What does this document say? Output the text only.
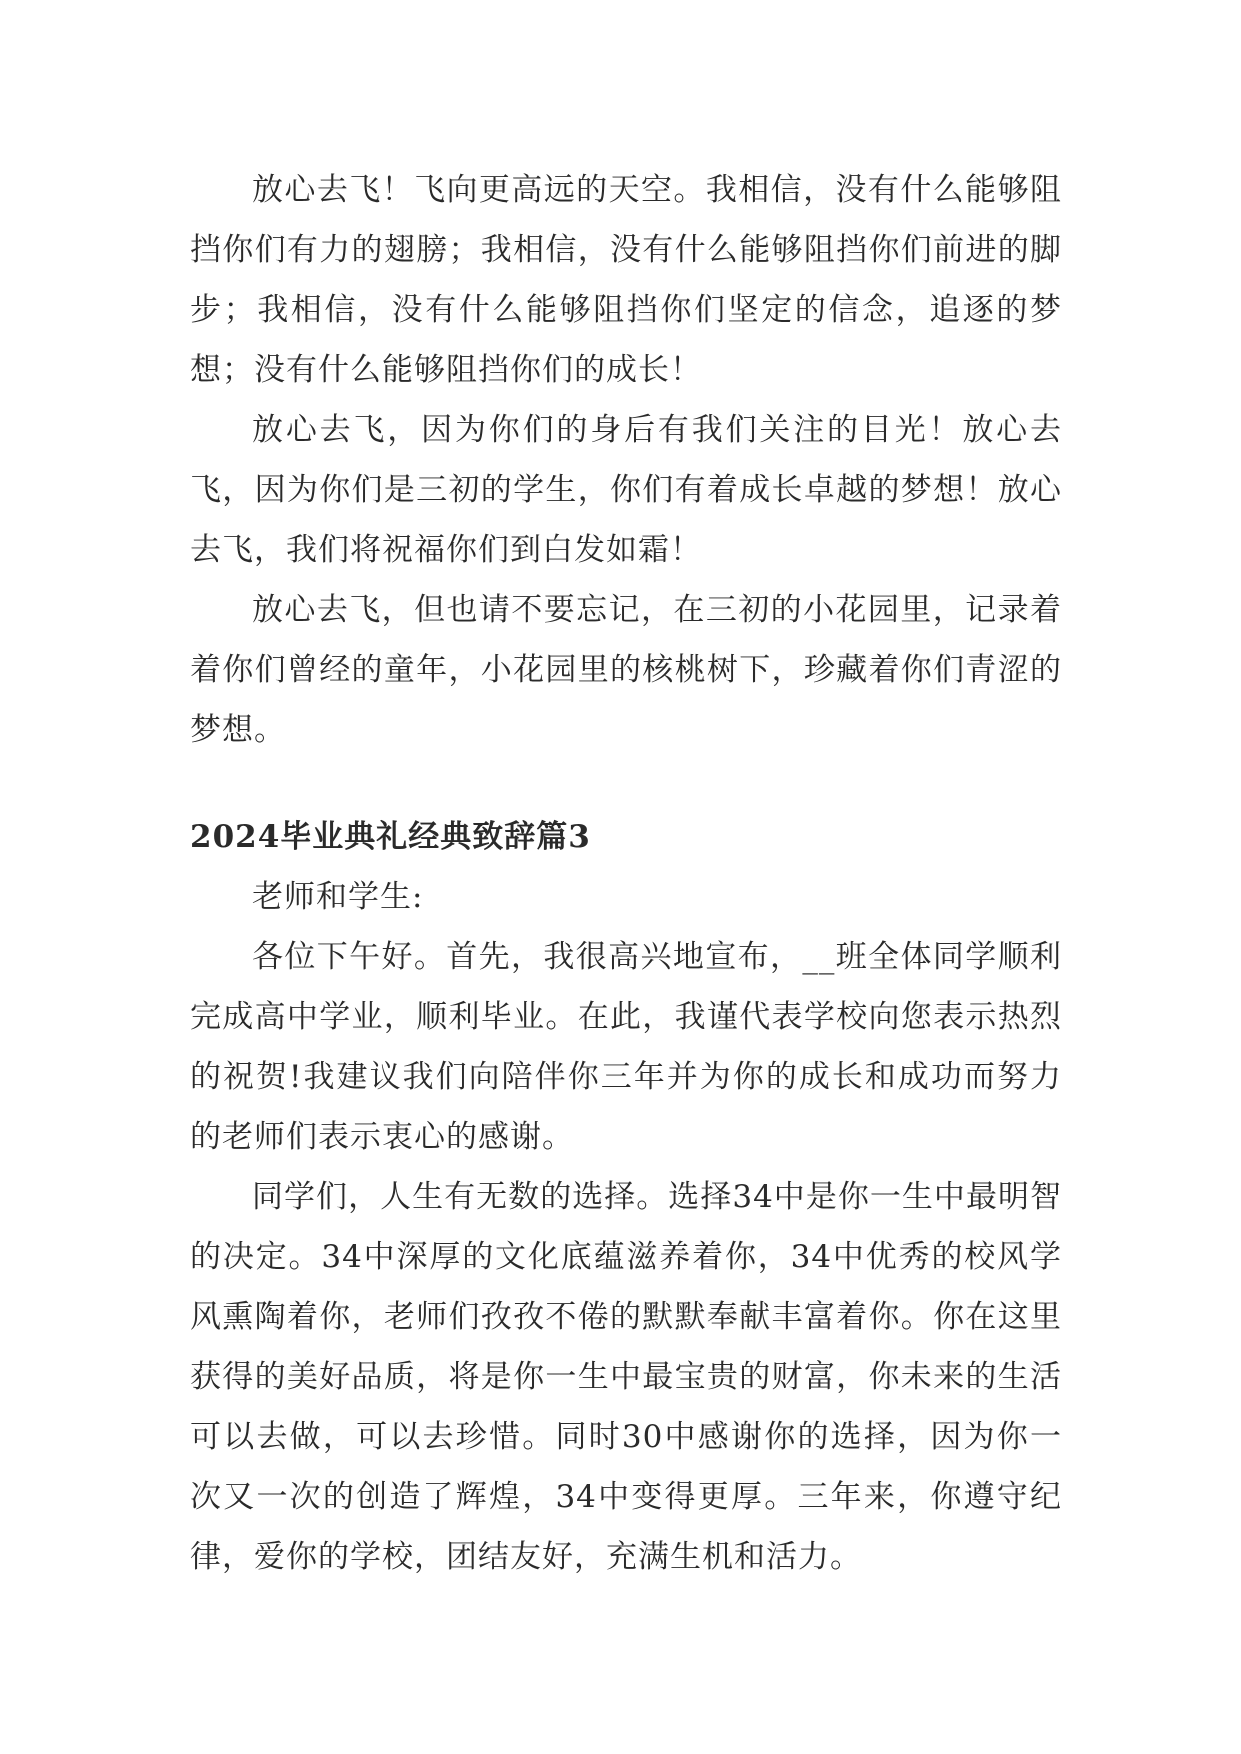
放心去飞！飞向更高远的天空。我相信，没有什么能够阻挡你们有力的翅膀；我相信，没有什么能够阻挡你们前进的脚步；我相信，没有什么能够阻挡你们坚定的信念，追逐的梦想；没有什么能够阻挡你们的成长！

放心去飞，因为你们的身后有我们关注的目光！放心去飞，因为你们是三初的学生，你们有着成长卓越的梦想！放心去飞，我们将祝福你们到白发如霜！

放心去飞，但也请不要忘记，在三初的小花园里，记录着着你们曾经的童年，小花园里的核桃树下，珍藏着你们青涩的梦想。

2024毕业典礼经典致辞篇3

老师和学生:

各位下午好。首先，我很高兴地宣布，__班全体同学顺利完成高中学业，顺利毕业。在此，我谨代表学校向您表示热烈的祝贺!我建议我们向陪伴你三年并为你的成长和成功而努力的老师们表示衷心的感谢。

同学们，人生有无数的选择。选择34中是你一生中最明智的决定。34中深厚的文化底蕴滋养着你，34中优秀的校风学风熏陶着你，老师们孜孜不倦的默默奉献丰富着你。你在这里获得的美好品质，将是你一生中最宝贵的财富，你未来的生活可以去做，可以去珍惜。同时30中感谢你的选择，因为你一次又一次的创造了辉煌，34中变得更厚。三年来，你遵守纪律，爱你的学校，团结友好，充满生机和活力。
